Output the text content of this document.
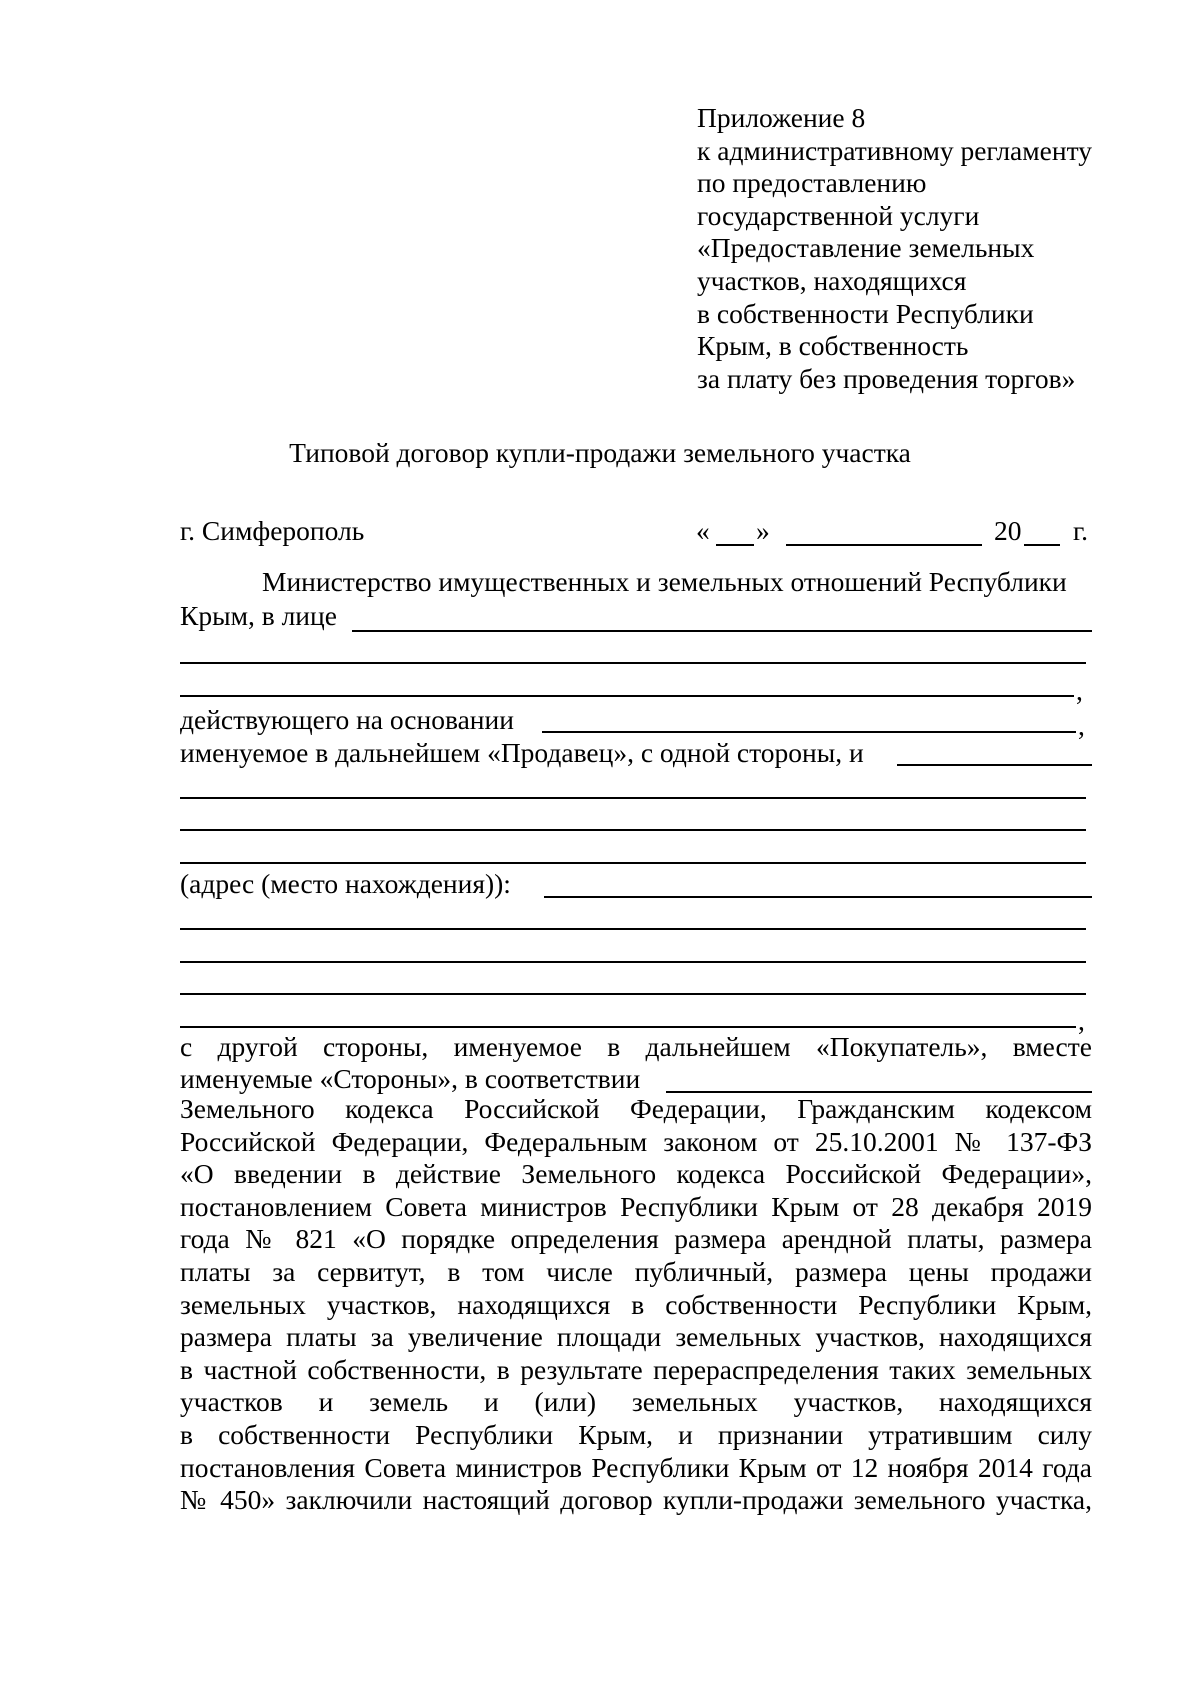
Приложение 8
к административному регламенту
по предоставлению
государственной услуги
«Предоставление земельных
участков, находящихся
в собственности Республики
Крым, в собственность
за плату без проведения торгов»
Типовой договор купли-продажи земельного участка
г. Симферополь	« »	20 г.
Министерство имущественных и земельных отношений Республики
Крым, в лице
,
действующего на основании	,
именуемое в дальнейшем «Продавец», с одной стороны, и
(адрес (место нахождения)):
,
с другой стороны, именуемое в дальнейшем «Покупатель», вместе
именуемые «Стороны», в соответствии
Земельного кодекса Российской Федерации, Гражданским кодексом
Российской Федерации, Федеральным законом от 25.10.2001 № 137-ФЗ
«О введении в действие Земельного кодекса Российской Федерации»,
постановлением Совета министров Республики Крым от 28 декабря 2019
года № 821 «О порядке определения размера арендной платы, размера
платы за сервитут, в том числе публичный, размера цены продажи
земельных участков, находящихся в собственности Республики Крым,
размера платы за увеличение площади земельных участков, находящихся
в частной собственности, в результате перераспределения таких земельных
участков и земель и (или) земельных участков, находящихся
в собственности Республики Крым, и признании утратившим силу
постановления Совета министров Республики Крым от 12 ноября 2014 года
№ 450» заключили настоящий договор купли-продажи земельного участка,
